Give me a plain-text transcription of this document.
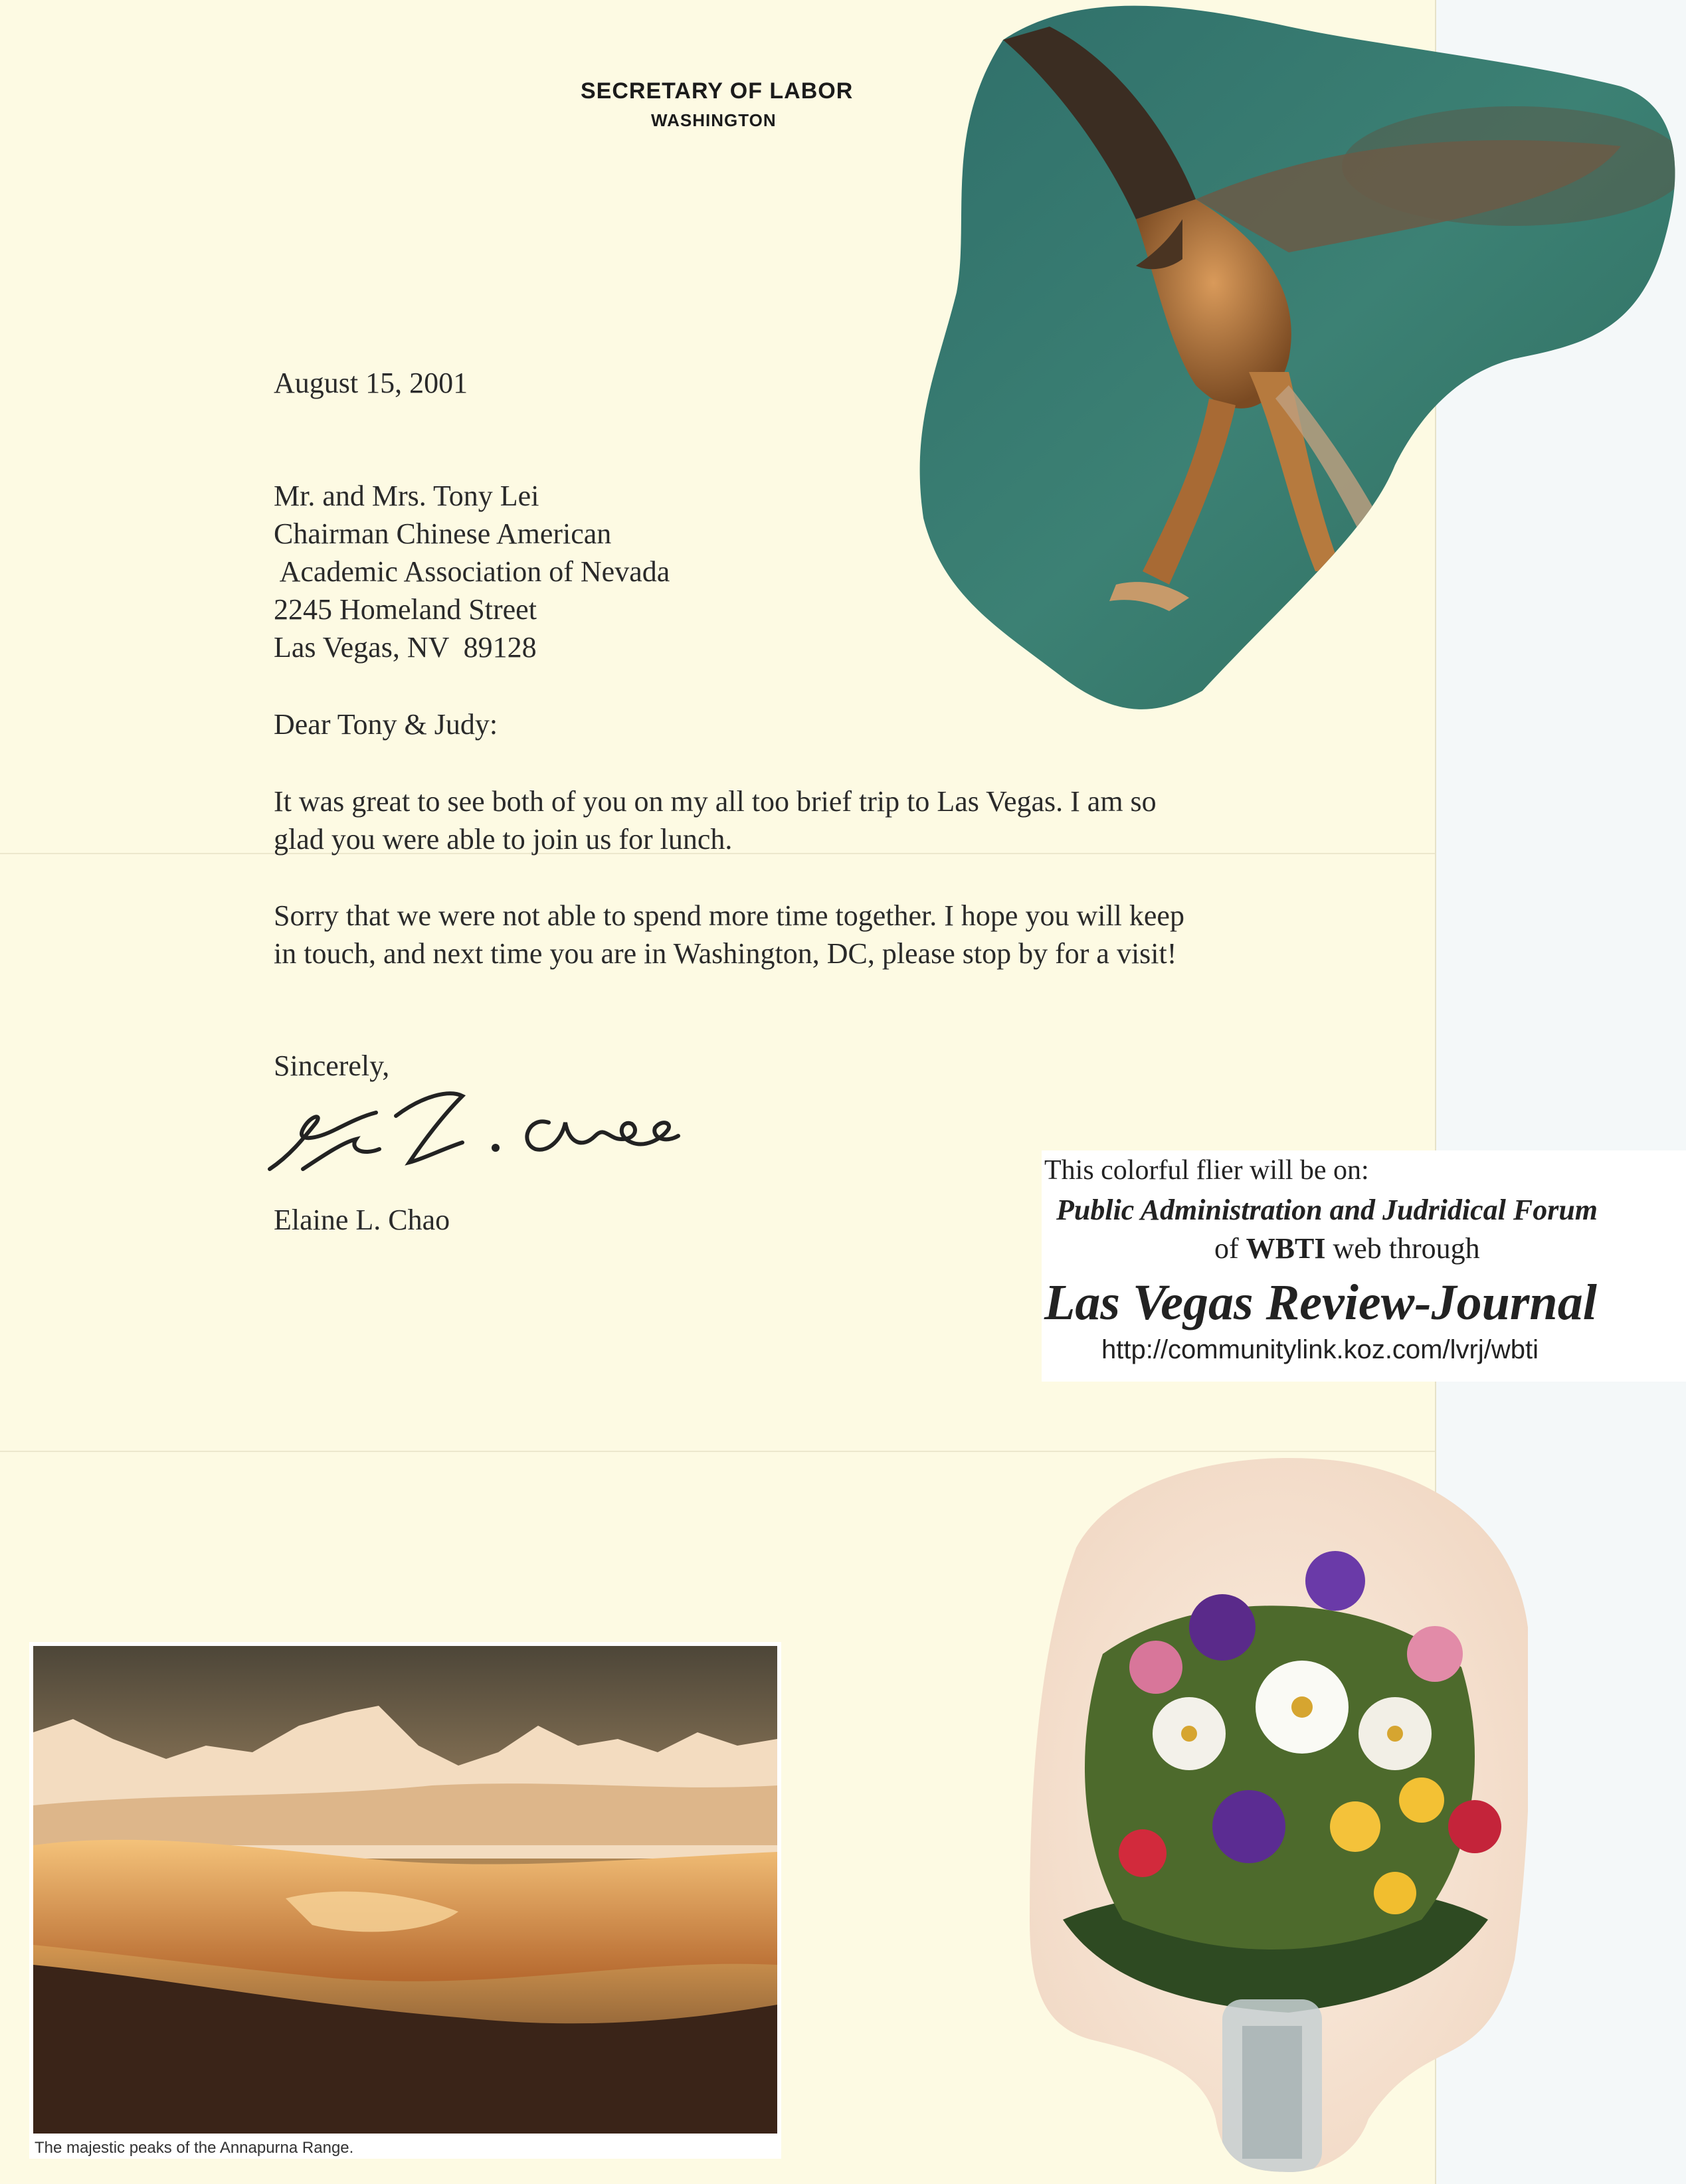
SECRETARY OF LABOR
WASHINGTON
August 15, 2001
Mr. and Mrs. Tony Lei
Chairman Chinese American
Academic Association of Nevada
2245 Homeland Street
Las Vegas, NV  89128
Dear Tony & Judy:
It was great to see both of you on my all too brief trip to Las Vegas. I am so glad you were able to join us for lunch.
Sorry that we were not able to spend more time together. I hope you will keep in touch, and next time you are in Washington, DC, please stop by for a visit!
Sincerely,
Elaine L. Chao
This colorful flier will be on:
Public Administration and Judridical Forum
of WBTI web through
Las Vegas Review-Journal
http://communitylink.koz.com/lvrj/wbti
The majestic peaks of the Annapurna Range.
